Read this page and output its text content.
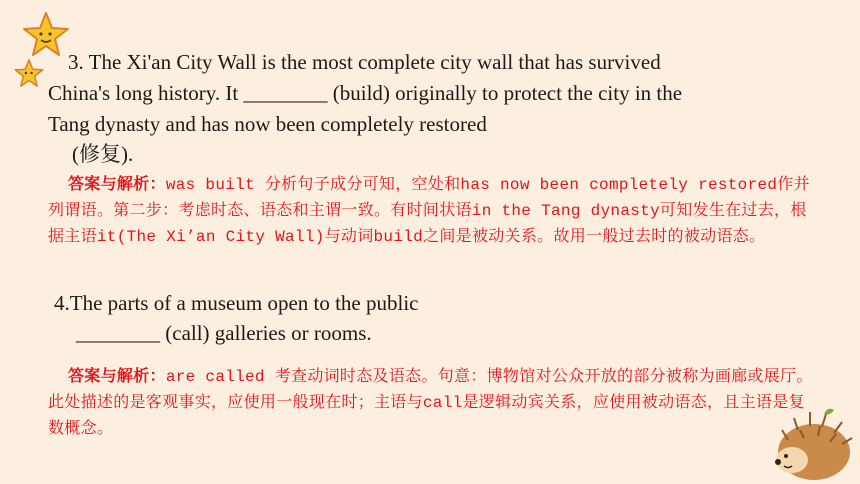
3. The Xi'an City Wall is the most complete city wall that has survived
China's long history. It ________ (build) originally to protect the city in the
Tang dynasty and has now been completely restored
(修复).
答案与解析：was built 分析句子成分可知，空处和has now been completely restored作并列谓语。第二步：考虑时态、语态和主谓一致。有时间状语in the Tang dynasty可知发生在过去，根据主语it(The Xi’an City Wall)与动词build之间是被动关系。故用一般过去时的被动语态。
4.The parts of a museum open to the public
________ (call) galleries or rooms.
答案与解析：are called 考查动词时态及语态。句意：博物馆对公众开放的部分被称为画廊或展厅。此处描述的是客观事实，应使用一般现在时；主语与call是逻辑动宾关系，应使用被动语态，且主语是复数概念。
